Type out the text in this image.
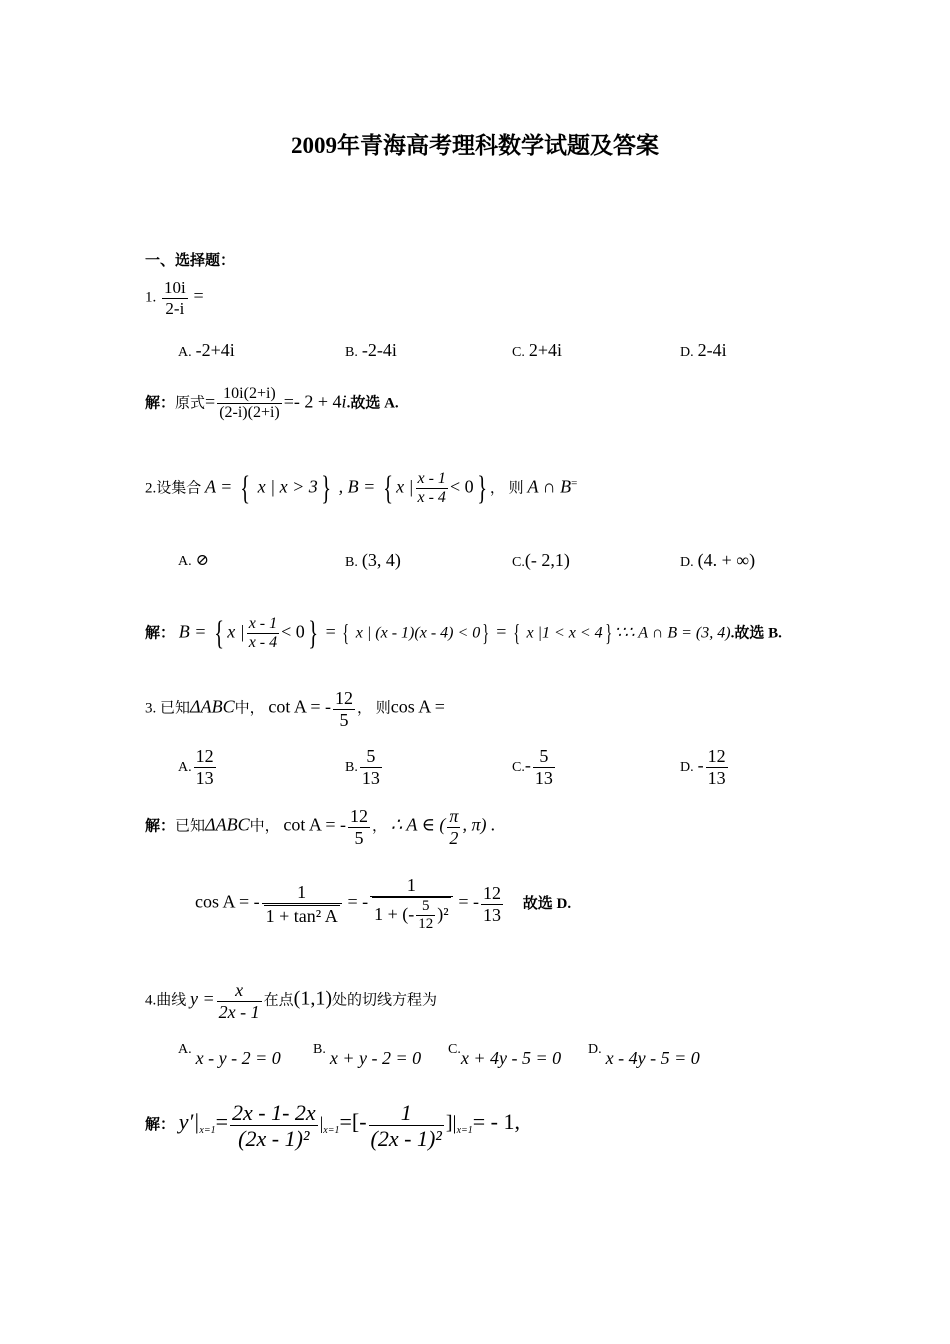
2009年青海高考理科数学试题及答案
一、选择题：
1. $\frac{10i}{2-i}$ =
A. -2+4i	B. -2-4i	C. 2+4i	D. 2-4i
解：原式= $\frac{10i(2+i)}{(2-i)(2+i)} =- 2 + 4i$.故选 A.
2.设集合 A = { x | x > 3} , B = { x | $\frac{x - 1}{x - 4} < 0$} ， 则 A ∩ B=
A. ⊘	B. (3, 4)	C.(- 2,1)	D. (4. + ∞)
解： B = { x | $\frac{x - 1}{x - 4} < 0$} = { x | (x - 1)(x - 4) < 0} = { x |1 < x < 4} ∵∴ A ∩ B = (3, 4).故选 B.
3. 已知ΔABC中， cot A = - $\frac{12}{5}$ ， 则cos A =
A. $\frac{12}{13}$	B. $\frac{5}{13}$	$C.- \frac{5}{13}$	D. - $\frac{12}{13}$
解：已知ΔABC中， cot A = - $\frac{12}{5}$ ， ∴ A ∈ ( $\frac{\pi}{2}$ , π) .
cos A = - $\frac{1}{\text{1 + tan² A}}$ = - $\frac{1}{1 + (- \frac{5}{12} )^2}$ = - $\frac{12}{13}$ 故选 D.
4.曲线 $y = \frac{x}{2x - 1}$ 在点(1,1)处的切线方程为
A. x - y - 2 = 0 B. x + y - 2 = 0 C.x + 4y - 5 = 0 D. x - 4y - 5 = 0
解： $y'|_{x=1}= \frac{2x - 1- 2x}{\text{(2x - 1)²}} |_{x=1}=[- \frac{1}{\text{(2x - 1)²}} ]|_{x=1}= - 1$,
